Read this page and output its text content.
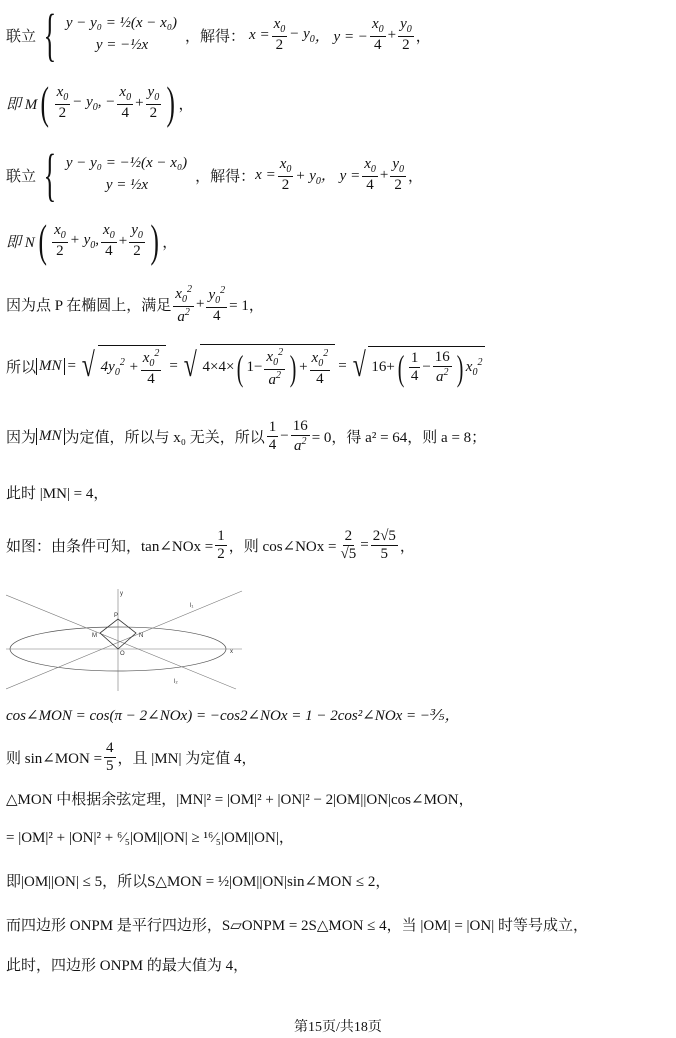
联立 { y − y₀ = ½(x − x₀)
y = −½x
，解得： $x = \frac{x_0}{2} - y_0$ ， y = − $\frac{x_0}{4} + \frac{y_0}{2}$ ，
即 M ( $\frac{x_0}{2} - y_0$, − $\frac{x_0}{4} + \frac{y_0}{2}$ ) ，
联立 { y − y₀ = −½(x − x₀)
y = ½x
，解得： $x = \frac{x_0}{2} + y_0$， $y = \frac{x_0}{4} + \frac{y_0}{2}$ ，
即 N ( $\frac{x_0}{2} + y_0$, $\frac{x_0}{4} + \frac{y_0}{2}$ ) ，
因为点 P 在椭圆上，满足 $\frac{x_0^2}{a^2} + \frac{y_0^2}{4} = 1$，
所以 MN = √ $4y_0^2 + \frac{x_0^2}{4}$ = √ 4×4× ( $1- \frac{x_0^2}{a^2}$ ) + $\frac{x_0^2}{4}$ = √ 16+ ( $\frac{1}{4} - \frac{16}{a^2}$ ) $x_0^2$
因为 MN 为定值，所以与 x₀ 无关，所以 $\frac{1}{4} - \frac{16}{a^2} = 0$，得 a² = 64，则 a = 8；
此时 |MN| = 4，
如图：由条件可知，tan∠NOx = $\frac{1}{2}$ ，则 cos∠NOx = $\frac{2}{√5} = \frac{2√5}{5}$ ，
P
M	N
O
l₁
l₂
x
y
cos∠MON = cos(π − 2∠NOx) = −cos2∠NOx = 1 − 2cos²∠NOx = −⅗，
则 sin∠MON = $\frac{4}{5}$ ，且 |MN| 为定值 4，
△MON 中根据余弦定理，|MN|² = |OM|² + |ON|² − 2|OM||ON|cos∠MON，
= |OM|² + |ON|² + ⁶⁄₅|OM||ON| ≥ ¹⁶⁄₅|OM||ON|，
即|OM||ON| ≤ 5，所以S△MON = ½|OM||ON|sin∠MON ≤ 2，
而四边形 ONPM 是平行四边形，S▱ONPM = 2S△MON ≤ 4，当 |OM| = |ON| 时等号成立，
此时，四边形 ONPM 的最大值为 4，
第15页/共18页
